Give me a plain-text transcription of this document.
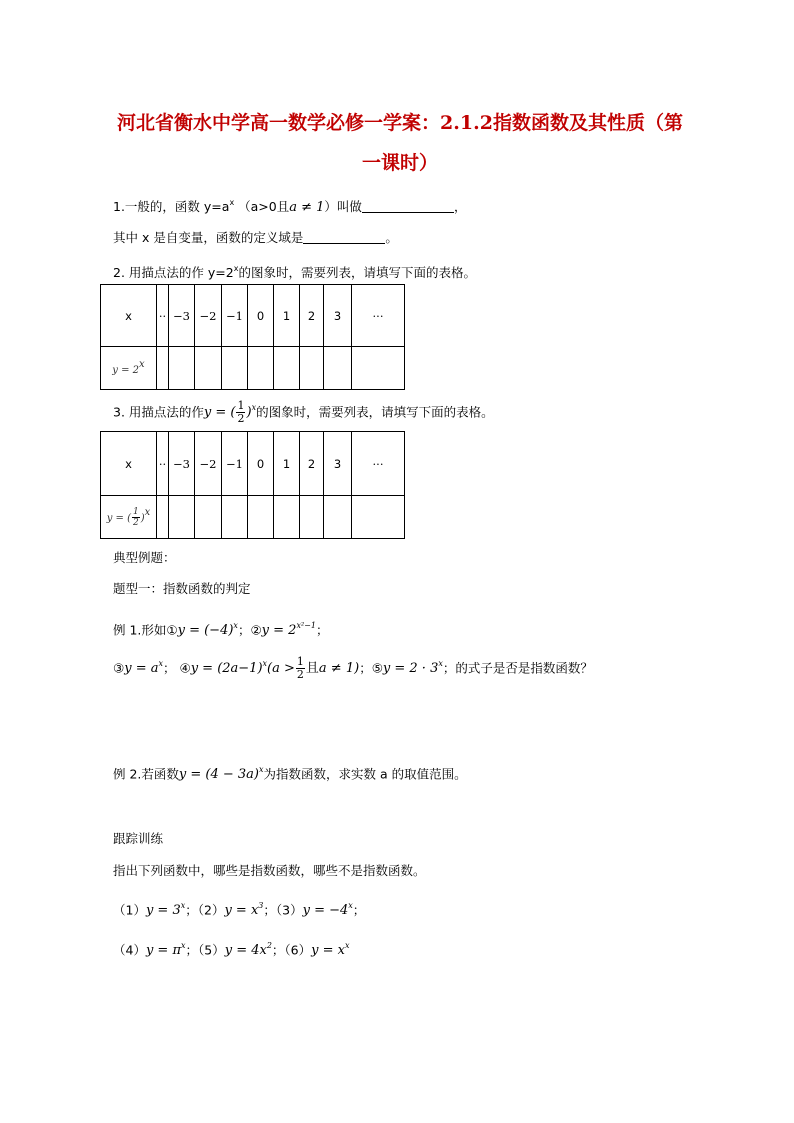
河北省衡水中学高一数学必修一学案：2.1.2指数函数及其性质（第
一课时）
1.一般的，函数 $y=a^x$ （a>0且a ≠ 1）叫做	，
其中 x 是自变量，函数的定义域是	。
2. 用描点法的作 $y=2^x$的图象时，需要列表，请填写下面的表格。
x	··	−3	−2	−1	0	1	2	3	···
$y = 2^x$									
3. 用描点法的作y = ( $\frac{1}{2} )^x$的图象时，需要列表，请填写下面的表格。
x	··	−3	−2	−1	0	1	2	3	···
y = ( $\frac{1}{2} )^x$									
典型例题：
题型一：指数函数的判定
例 1.形如①y = $(-4)^x$；②y = $2^{x^2-1}$；
③y = $a^x$； ④y = $(2a-1)^x(a > \frac{1}{2}$ 且a ≠ 1)；⑤y = $2 \cdot 3^x$；的式子是否是指数函数？
例 2.若函数$y = (4 - 3a)^x$为指数函数，求实数 a 的取值范围。
跟踪训练
指出下列函数中，哪些是指数函数，哪些不是指数函数。
$(1)y = 3^x$；$(2)y = x^3$；$(3)y = -4^x$；
$(4)y = \pi^x$；$(5)y = 4x^2$；$(6)y = x^x$
